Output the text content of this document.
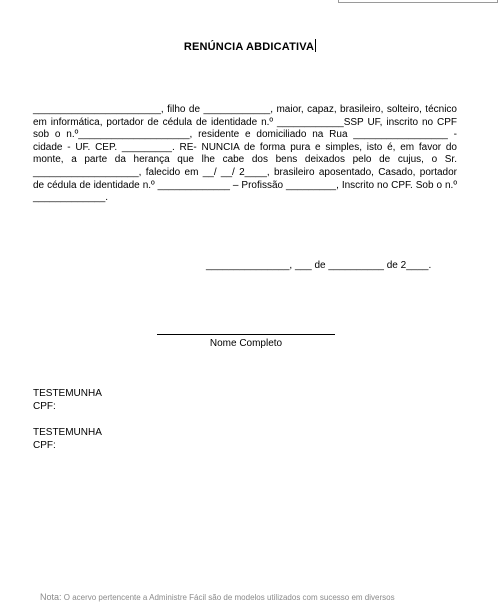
RENÚNCIA ABDICATIVA
_______________________, filho de ____________, maior, capaz, brasileiro, solteiro, técnico em informática, portador de cédula de identidade n.º ____________SSP UF, inscrito no CPF sob o n.º____________________, residente e domiciliado na Rua _________________ - cidade - UF. CEP. _________. RE- NUNCIA de forma pura e simples, isto é, em favor do monte, a parte da herança que lhe cabe dos bens deixados pelo de cujus, o Sr. ___________________, falecido em __/ __/ 2____, brasileiro aposentado, Casado, portador de cédula de identidade n.º _____________ – Profissão _________, Inscrito no CPF. Sob o n.º _____________.
_______________, ___ de __________ de 2____.
Nome Completo
TESTEMUNHA
CPF:
TESTEMUNHA
CPF:
Nota: O acervo pertencente a Administre Fácil são de modelos utilizados com sucesso em diversos
